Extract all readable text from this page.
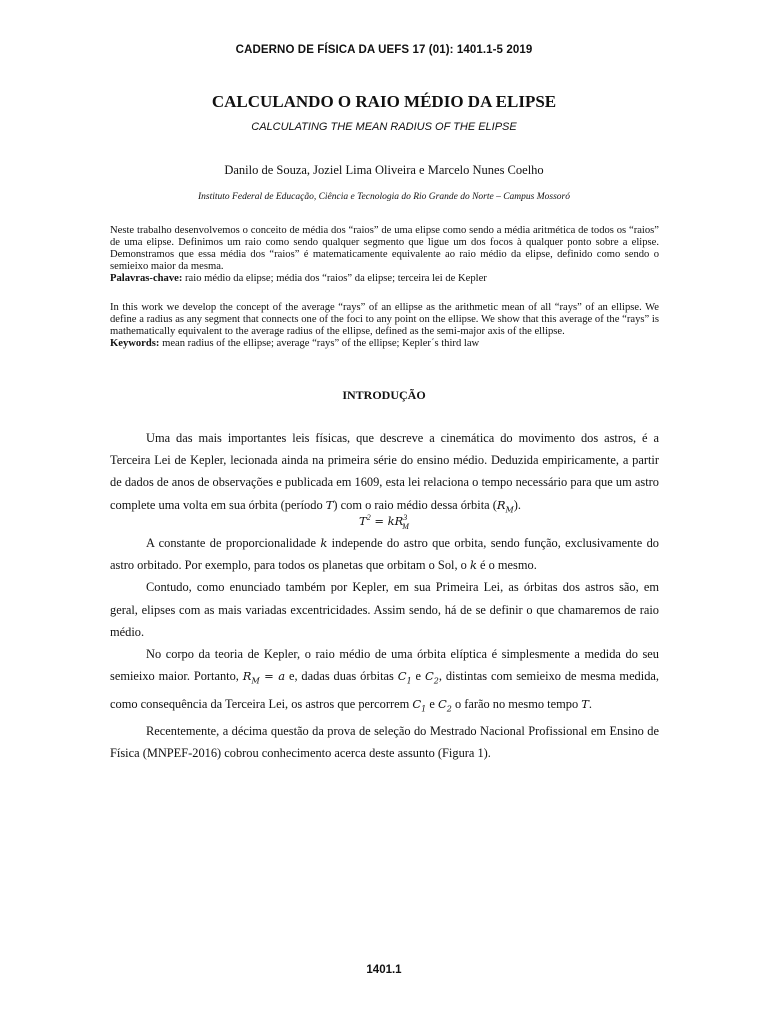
CADERNO DE FÍSICA DA UEFS 17 (01): 1401.1-5 2019
CALCULANDO O RAIO MÉDIO DA ELIPSE
CALCULATING THE MEAN RADIUS OF THE ELIPSE
Danilo de Souza, Joziel Lima Oliveira e Marcelo Nunes Coelho
Instituto Federal de Educação, Ciência e Tecnologia do Rio Grande do Norte – Campus Mossoró
Neste trabalho desenvolvemos o conceito de média dos “raios” de uma elipse como sendo a média aritmética de todos os “raios” de uma elipse. Definimos um raio como sendo qualquer segmento que ligue um dos focos à qualquer ponto sobre a elipse. Demonstramos que essa média dos “raios” é matematicamente equivalente ao raio médio da elipse, definido como sendo o semieixo maior da mesma.
Palavras-chave: raio médio da elipse; média dos “raios” da elipse; terceira lei de Kepler
In this work we develop the concept of the average “rays” of an ellipse as the arithmetic mean of all “rays” of an ellipse. We define a radius as any segment that connects one of the foci to any point on the ellipse. We show that this average of the “rays” is mathematically equivalent to the average radius of the ellipse, defined as the semi-major axis of the ellipse.
Keywords: mean radius of the ellipse; average “rays” of the ellipse; Kepler´s third law
INTRODUÇÃO

Uma das mais importantes leis físicas, que descreve a cinemática do movimento dos astros, é a Terceira Lei de Kepler, lecionada ainda na primeira série do ensino médio. Deduzida empiricamente, a partir de dados de anos de observações e publicada em 1609, esta lei relaciona o tempo necessário para que um astro complete uma volta em sua órbita (período T) com o raio médio dessa órbita $(R_M)$.

$T^2 = kR^3_M$

A constante de proporcionalidade k independe do astro que orbita, sendo função, exclusivamente do astro orbitado. Por exemplo, para todos os planetas que orbitam o Sol, o k é o mesmo.

Contudo, como enunciado também por Kepler, em sua Primeira Lei, as órbitas dos astros são, em geral, elipses com as mais variadas excentricidades. Assim sendo, há de se definir o que chamaremos de raio médio.

No corpo da teoria de Kepler, o raio médio de uma órbita elíptica é simplesmente a medida do seu semieixo maior. Portanto, $R_M = a$ e, dadas duas órbitas $C_1$ e $C_2$, distintas com semieixo de mesma medida, como consequência da Terceira Lei, os astros que percorrem $C_1$ e $C_2$ o farão no mesmo tempo T.

Recentemente, a décima questão da prova de seleção do Mestrado Nacional Profissional em Ensino de Física (MNPEF-2016) cobrou conhecimento acerca deste assunto (Figura 1).

1401.1
